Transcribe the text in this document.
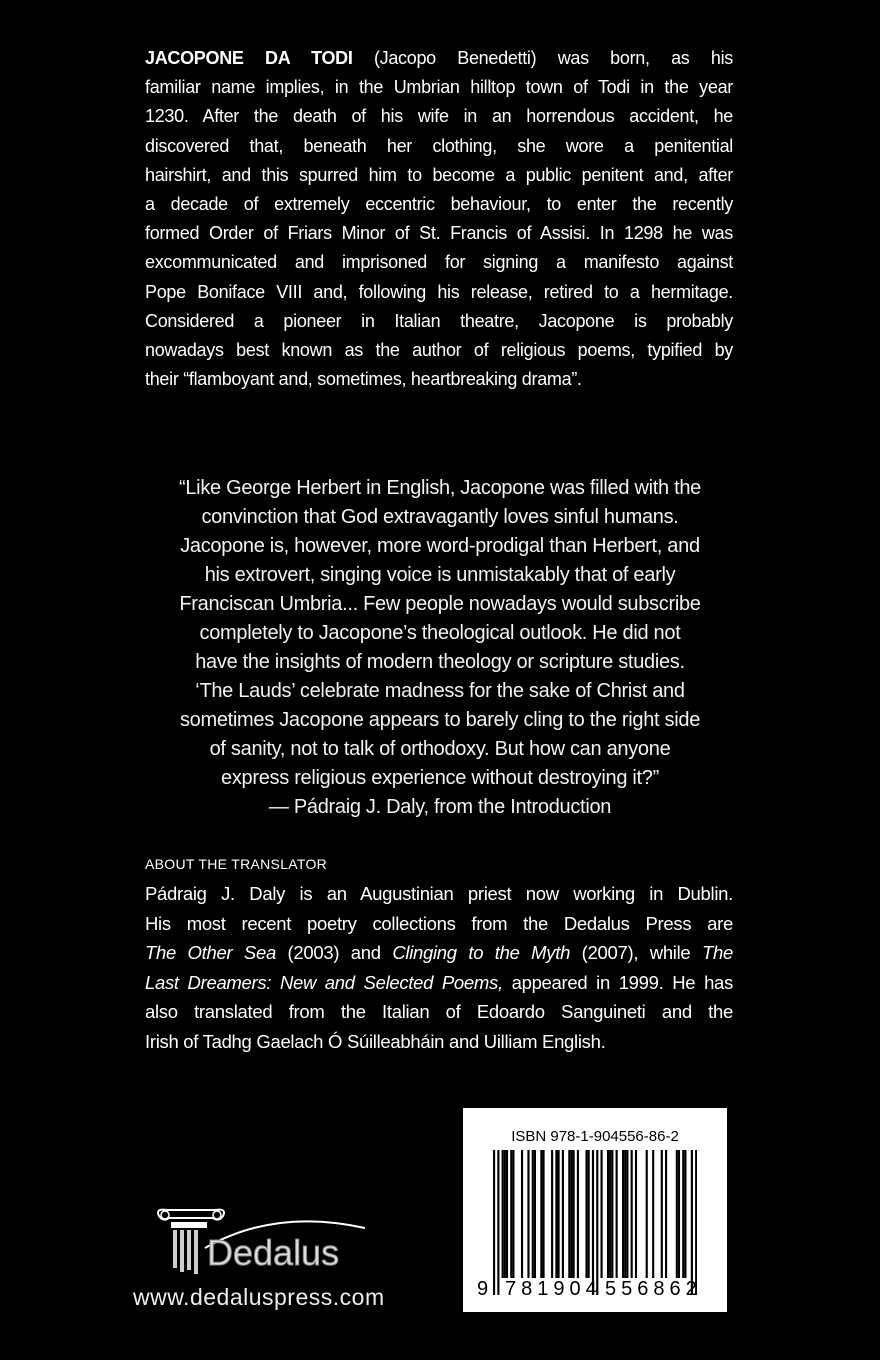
JACOPONE DA TODI (Jacopo Benedetti) was born, as his
familiar name implies, in the Umbrian hilltop town of Todi in the year
1230. After the death of his wife in an horrendous accident, he
discovered that, beneath her clothing, she wore a penitential
hairshirt, and this spurred him to become a public penitent and, after
a decade of extremely eccentric behaviour, to enter the recently
formed Order of Friars Minor of St. Francis of Assisi. In 1298 he was
excommunicated and imprisoned for signing a manifesto against
Pope Boniface VIII and, following his release, retired to a hermitage.
Considered a pioneer in Italian theatre, Jacopone is probably
nowadays best known as the author of religious poems, typified by
their “flamboyant and, sometimes, heartbreaking drama”.
“Like George Herbert in English, Jacopone was filled with the
convinction that God extravagantly loves sinful humans.
Jacopone is, however, more word-prodigal than Herbert, and
his extrovert, singing voice is unmistakably that of early
Franciscan Umbria... Few people nowadays would subscribe
completely to Jacopone’s theological outlook. He did not
have the insights of modern theology or scripture studies.
‘The Lauds’ celebrate madness for the sake of Christ and
sometimes Jacopone appears to barely cling to the right side
of sanity, not to talk of orthodoxy. But how can anyone
express religious experience without destroying it?”
— Pádraig J. Daly, from the Introduction
ABOUT THE TRANSLATOR
Pádraig J. Daly is an Augustinian priest now working in Dublin.
His most recent poetry collections from the Dedalus Press are
The Other Sea (2003) and Clinging to the Myth (2007), while The
Last Dreamers: New and Selected Poems, appeared in 1999. He has
also translated from the Italian of Edoardo Sanguineti and the
Irish of Tadhg Gaelach Ó Súilleabháin and Uilliam English.
ISBN 978-1-904556-86-2
9 781904 556862
Dedalus
www.dedaluspress.com
